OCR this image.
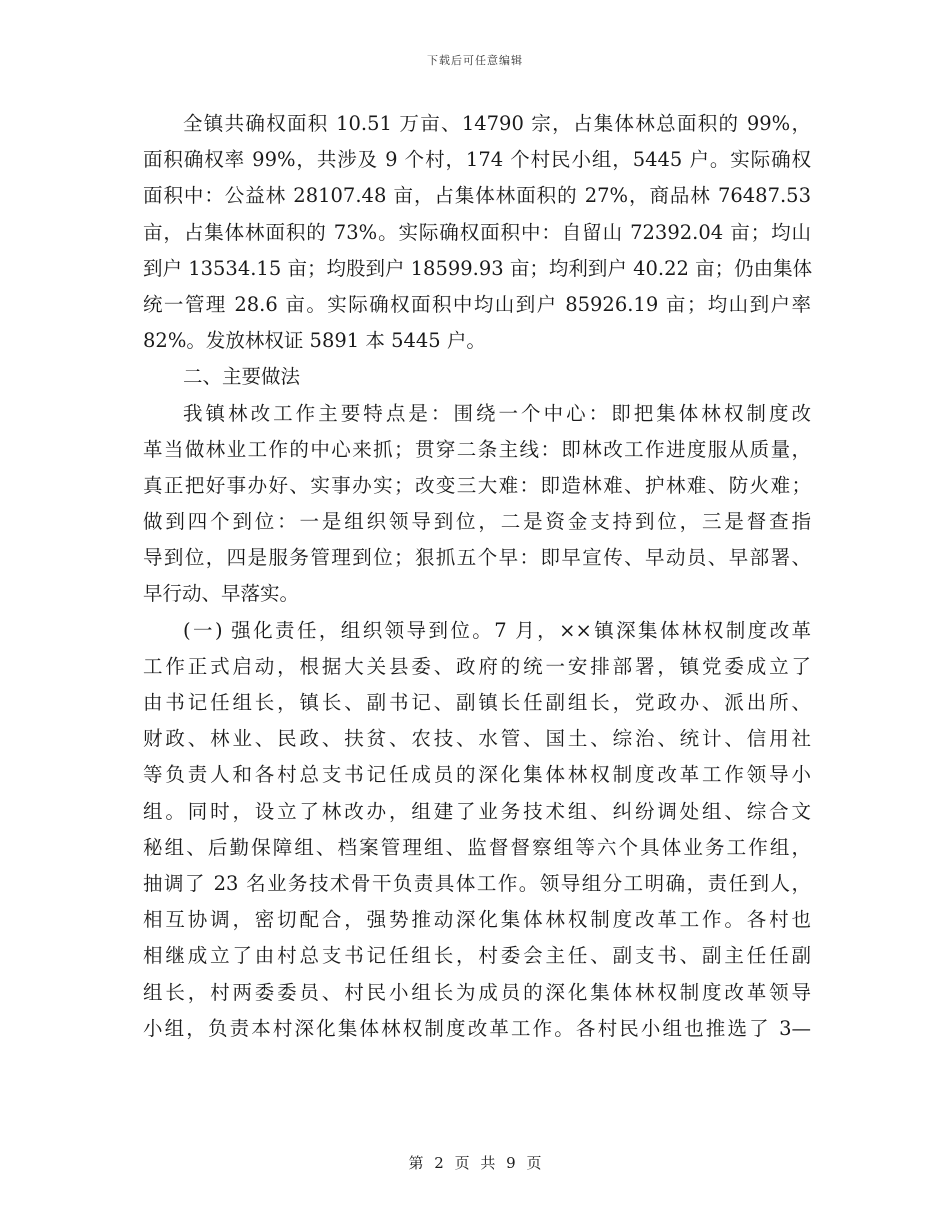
下载后可任意编辑
全镇共确权面积 10.51 万亩、14790 宗，占集体林总面积的 99%，
面积确权率 99%，共涉及 9 个村，174 个村民小组，5445 户。实际确权
面积中：公益林 28107.48 亩，占集体林面积的 27%，商品林 76487.53
亩，占集体林面积的 73%。实际确权面积中：自留山 72392.04 亩；均山
到户 13534.15 亩；均股到户 18599.93 亩；均利到户 40.22 亩；仍由集体
统一管理 28.6 亩。实际确权面积中均山到户 85926.19 亩；均山到户率
82%。发放林权证 5891 本 5445 户。
二、主要做法
我镇林改工作主要特点是：围绕一个中心：即把集体林权制度改
革当做林业工作的中心来抓；贯穿二条主线：即林改工作进度服从质量，
真正把好事办好、实事办实；改变三大难：即造林难、护林难、防火难；
做到四个到位：一是组织领导到位，二是资金支持到位，三是督查指
导到位，四是服务管理到位；狠抓五个早：即早宣传、早动员、早部署、
早行动、早落实。
(一) 强化责任，组织领导到位。7 月，××镇深集体林权制度改革
工作正式启动，根据大关县委、政府的统一安排部署，镇党委成立了
由书记任组长，镇长、副书记、副镇长任副组长，党政办、派出所、
财政、林业、民政、扶贫、农技、水管、国土、综治、统计、信用社
等负责人和各村总支书记任成员的深化集体林权制度改革工作领导小
组。同时，设立了林改办，组建了业务技术组、纠纷调处组、综合文
秘组、后勤保障组、档案管理组、监督督察组等六个具体业务工作组，
抽调了 23 名业务技术骨干负责具体工作。领导组分工明确，责任到人，
相互协调，密切配合，强势推动深化集体林权制度改革工作。各村也
相继成立了由村总支书记任组长，村委会主任、副支书、副主任任副
组长，村两委委员、村民小组长为成员的深化集体林权制度改革领导
小组，负责本村深化集体林权制度改革工作。各村民小组也推选了 3—
第 2 页 共 9 页
